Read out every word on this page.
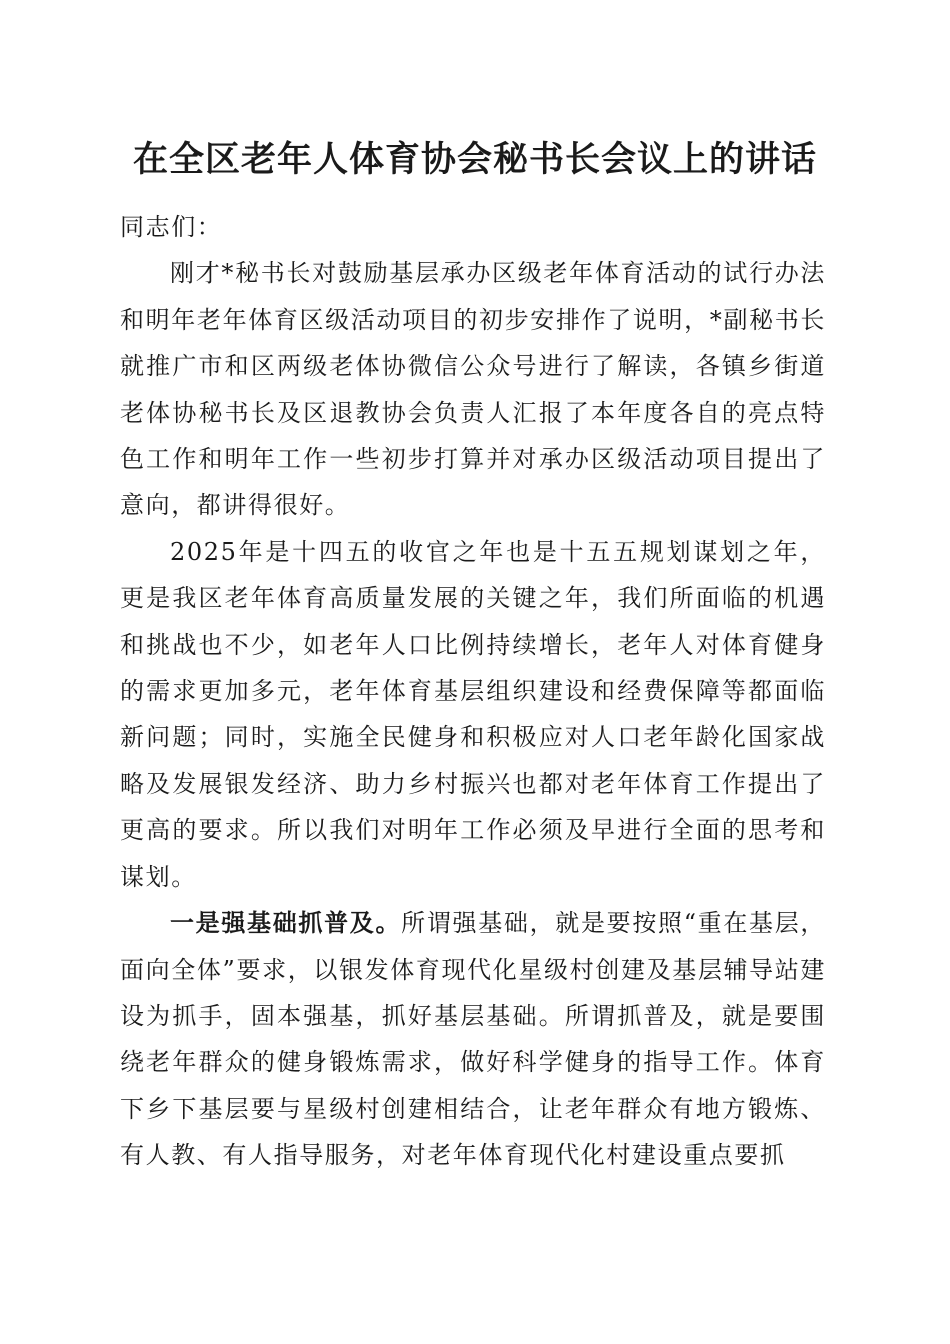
在全区老年人体育协会秘书长会议上的讲话

同志们：

刚才*秘书长对鼓励基层承办区级老年体育活动的试行办法和明年老年体育区级活动项目的初步安排作了说明，*副秘书长就推广市和区两级老体协微信公众号进行了解读，各镇乡街道老体协秘书长及区退教协会负责人汇报了本年度各自的亮点特色工作和明年工作一些初步打算并对承办区级活动项目提出了意向，都讲得很好。

2025年是十四五的收官之年也是十五五规划谋划之年，更是我区老年体育高质量发展的关键之年，我们所面临的机遇和挑战也不少，如老年人口比例持续增长，老年人对体育健身的需求更加多元，老年体育基层组织建设和经费保障等都面临新问题；同时，实施全民健身和积极应对人口老年龄化国家战略及发展银发经济、助力乡村振兴也都对老年体育工作提出了更高的要求。所以我们对明年工作必须及早进行全面的思考和谋划。

一是强基础抓普及。所谓强基础，就是要按照“重在基层，面向全体”要求，以银发体育现代化星级村创建及基层辅导站建设为抓手，固本强基，抓好基层基础。所谓抓普及，就是要围绕老年群众的健身锻炼需求，做好科学健身的指导工作。体育下乡下基层要与星级村创建相结合，让老年群众有地方锻炼、有人教、有人指导服务，对老年体育现代化村建设重点要抓
